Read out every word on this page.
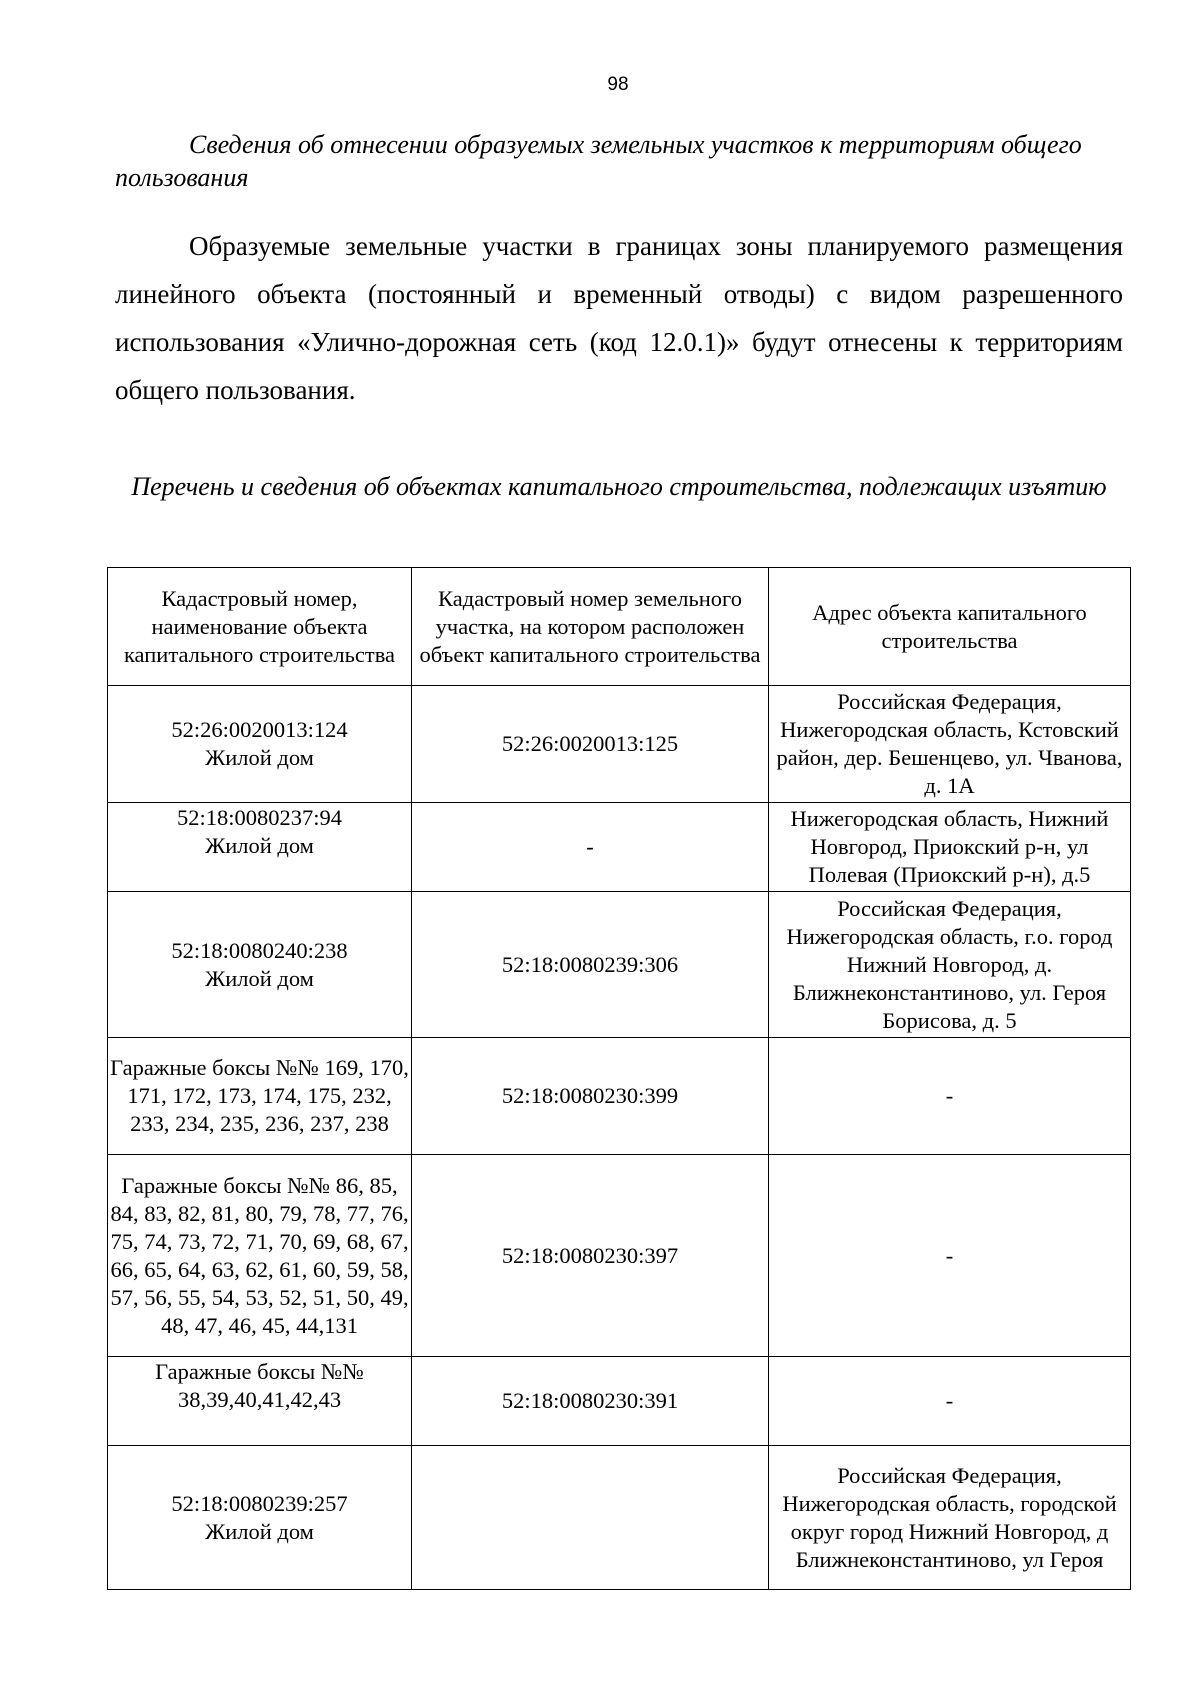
98
Сведения об отнесении образуемых земельных участков к территориям общего пользования
Образуемые земельные участки в границах зоны планируемого размещения линейного объекта (постоянный и временный отводы) с видом разрешенного использования «Улично-дорожная сеть (код 12.0.1)» будут отнесены к территориям общего пользования.
Перечень и сведения об объектах капитального строительства, подлежащих изъятию
Кадастровый номер, наименование объекта капитального строительства	Кадастровый номер земельного участка, на котором расположен объект капитального строительства	Адрес объекта капитального строительства

52:26:0020013:124
Жилой дом	52:26:0020013:125	Российская Федерация, Нижегородская область, Кстовский район, дер. Бешенцево, ул. Чванова, д. 1А

52:18:0080237:94
Жилой дом	-	Нижегородская область, Нижний Новгород, Приокский р-н, ул Полевая (Приокский р-н), д.5

52:18:0080240:238
Жилой дом	52:18:0080239:306	Российская Федерация, Нижегородская область, г.о. город Нижний Новгород, д. Ближнеконстантиново, ул. Героя Борисова, д. 5

Гаражные боксы №№ 169, 170, 171, 172, 173, 174, 175, 232, 233, 234, 235, 236, 237, 238	52:18:0080230:399	-

Гаражные боксы №№ 86, 85, 84, 83, 82, 81, 80, 79, 78, 77, 76, 75, 74, 73, 72, 71, 70, 69, 68, 67, 66, 65, 64, 63, 62, 61, 60, 59, 58, 57, 56, 55, 54, 53, 52, 51, 50, 49, 48, 47, 46, 45, 44,131	52:18:0080230:397	-

Гаражные боксы №№ 38,39,40,41,42,43	52:18:0080230:391	-

52:18:0080239:257
Жилой дом		Российская Федерация, Нижегородская область, городской округ город Нижний Новгород, д Ближнеконстантиново, ул Героя
